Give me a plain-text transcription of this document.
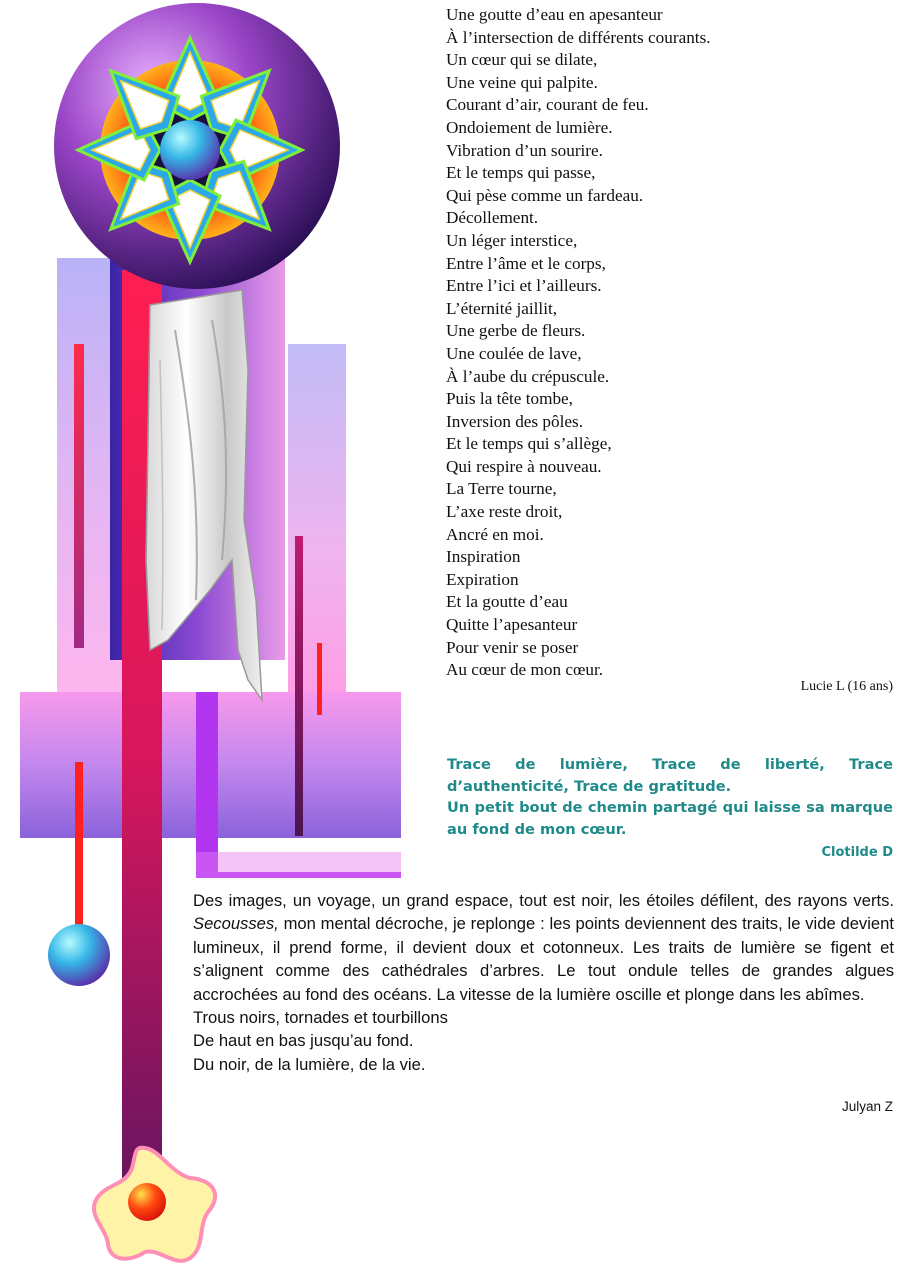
Une goutte d’eau en apesanteur
À l’intersection de différents courants.
Un cœur qui se dilate,
Une veine qui palpite.
Courant d’air, courant de feu.
Ondoiement de lumière.
Vibration d’un sourire.
Et le temps qui passe,
Qui pèse comme un fardeau.
Décollement.
Un léger interstice,
Entre l’âme et le corps,
Entre l’ici et l’ailleurs.
L’éternité jaillit,
Une gerbe de fleurs.
Une coulée de lave,
À l’aube du crépuscule.
Puis la tête tombe,
Inversion des pôles.
Et le temps qui s’allège,
Qui respire à nouveau.
La Terre tourne,
L’axe reste droit,
Ancré en moi.
Inspiration
Expiration
Et la goutte d’eau
Quitte l’apesanteur
Pour venir se poser
Au cœur de mon cœur.
Lucie L (16 ans)

Trace de lumière, Trace de liberté, Trace d’authenticité, Trace de gratitude.

Un petit bout de chemin partagé qui laisse sa marque au fond de mon cœur.

Clotilde D

Des images, un voyage, un grand espace, tout est noir, les étoiles défilent, des rayons verts. Secousses, mon mental décroche, je replonge : les points deviennent des traits, le vide devient lumineux, il prend forme, il devient doux et cotonneux. Les traits de lumière se figent et s’alignent comme des cathédrales d’arbres. Le tout ondule telles de grandes algues accrochées au fond des océans. La vitesse de la lumière oscille et plonge dans les abîmes.

Trous noirs, tornades et tourbillons

De haut en bas jusqu’au fond.

Du noir, de la lumière, de la vie.

Julyan Z
